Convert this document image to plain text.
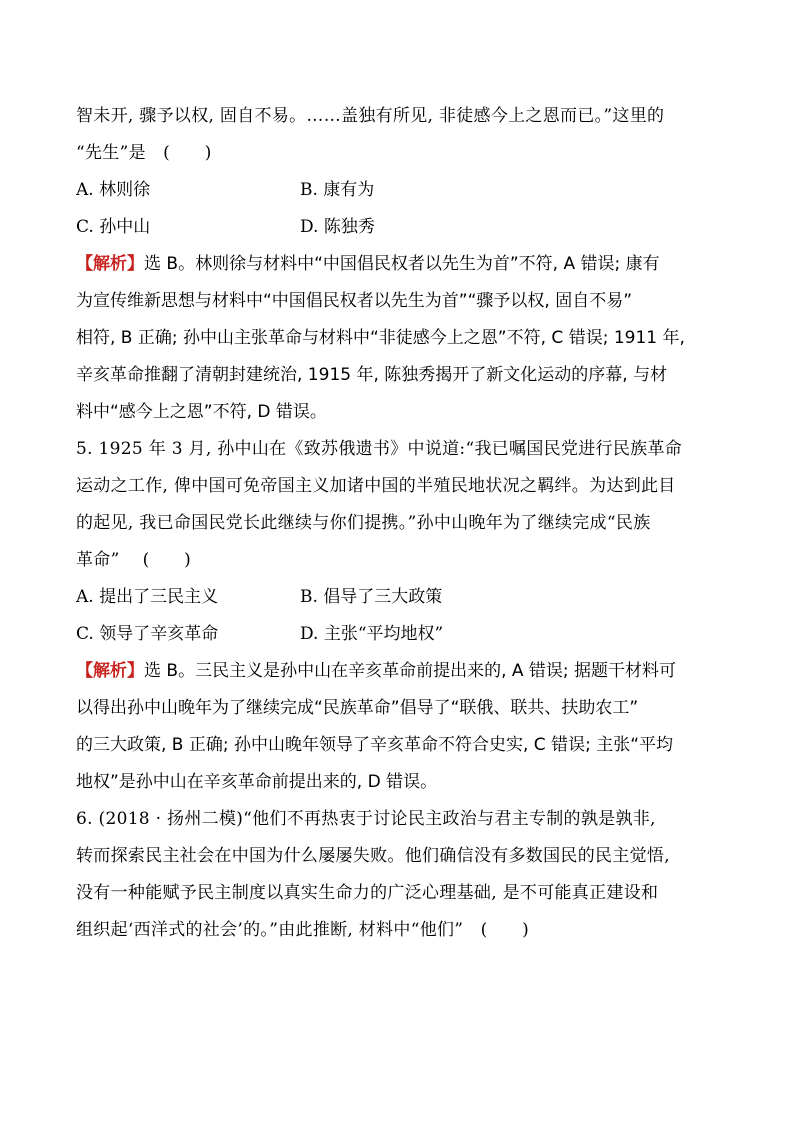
智未开, 骤予以权, 固自不易。……盖独有所见, 非徒感今上之恩而已。”这里的
“先生”是　(　　)
A. 林则徐	B. 康有为
C. 孙中山	D. 陈独秀
【解析】选 B。林则徐与材料中“中国倡民权者以先生为首”不符, A 错误; 康有
为宣传维新思想与材料中“中国倡民权者以先生为首”“骤予以权, 固自不易”
相符, B 正确; 孙中山主张革命与材料中“非徒感今上之恩”不符, C 错误; 1911 年,
辛亥革命推翻了清朝封建统治, 1915 年, 陈独秀揭开了新文化运动的序幕, 与材
料中“感今上之恩”不符, D 错误。
5. 1925 年 3 月, 孙中山在《致苏俄遗书》中说道:“我已嘱国民党进行民族革命
运动之工作, 俾中国可免帝国主义加诸中国的半殖民地状况之羁绊。为达到此目
的起见, 我已命国民党长此继续与你们提携。”孙中山晚年为了继续完成“民族
革命”　 (　　)
A. 提出了三民主义	B. 倡导了三大政策
C. 领导了辛亥革命	D. 主张“平均地权”
【解析】选 B。三民主义是孙中山在辛亥革命前提出来的, A 错误; 据题干材料可
以得出孙中山晚年为了继续完成“民族革命”倡导了“联俄、联共、扶助农工”
的三大政策, B 正确; 孙中山晚年领导了辛亥革命不符合史实, C 错误; 主张“平均
地权”是孙中山在辛亥革命前提出来的, D 错误。
6. (2018 · 扬州二模)“他们不再热衷于讨论民主政治与君主专制的孰是孰非,
转而探索民主社会在中国为什么屡屡失败。他们确信没有多数国民的民主觉悟,
没有一种能赋予民主制度以真实生命力的广泛心理基础, 是不可能真正建设和
组织起‘西洋式的社会’的。”由此推断, 材料中“他们”　(　　)
